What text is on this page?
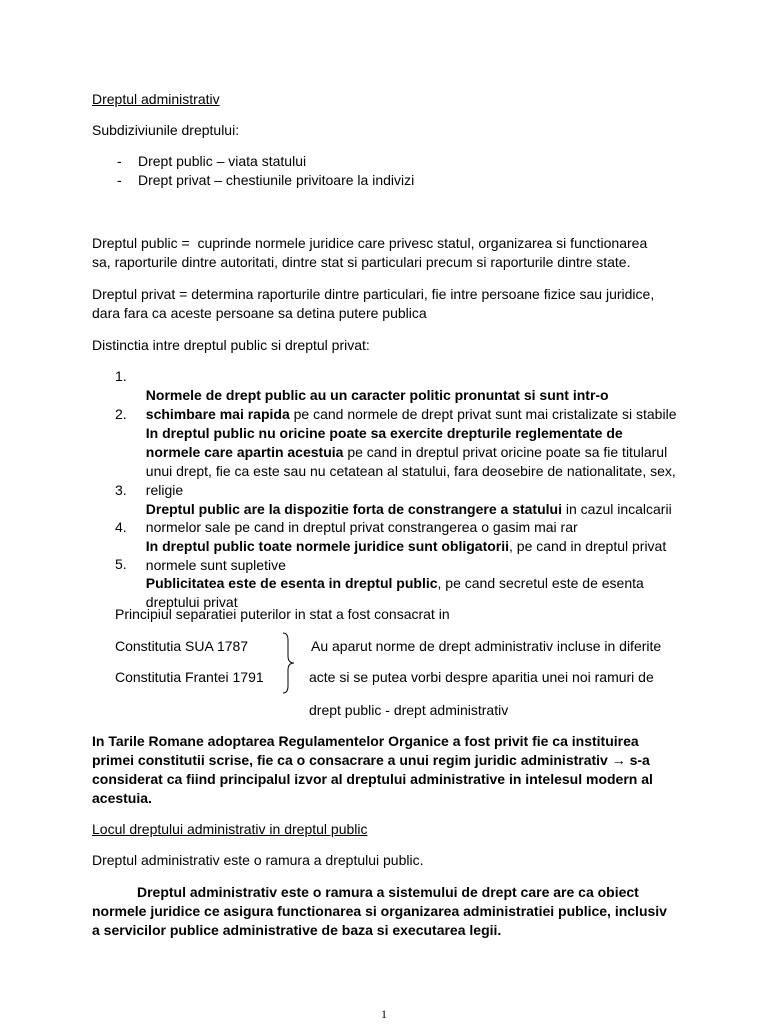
Dreptul administrativ
Subdiziviunile dreptului:
- Drept public – viata statului
- Drept privat – chestiunile privitoare la indivizi
Dreptul public =  cuprinde normele juridice care privesc statul, organizarea si functionarea
sa, raporturile dintre autoritati, dintre stat si particulari precum si raporturile dintre state.
Dreptul privat = determina raporturile dintre particulari, fie intre persoane fizice sau juridice,
dara fara ca aceste persoane sa detina putere publica
Distinctia intre dreptul public si dreptul privat:
1.

Normele de drept public au un caracter politic pronuntat si sunt intr-o

schimbare mai rapida pe cand normele de drept privat sunt mai cristalizate si stabile

2.

In dreptul public nu oricine poate sa exercite drepturile reglementate de

normele care apartin acestuia pe cand in dreptul privat oricine poate sa fie titularul

unui drept, fie ca este sau nu cetatean al statului, fara deosebire de nationalitate, sex,

religie

3.

Dreptul public are la dispozitie forta de constrangere a statului in cazul incalcarii

normelor sale pe cand in dreptul privat constrangerea o gasim mai rar

4.

In dreptul public toate normele juridice sunt obligatorii, pe cand in dreptul privat

normele sunt supletive

5.

Publicitatea este de esenta in dreptul public, pe cand secretul este de esenta

dreptului privat

Principiul separatiei puterilor in stat a fost consacrat in
Constitutia SUA 1787
Constitutia Frantei 1791
Au aparut norme de drept administrativ incluse in diferite
acte si se putea vorbi despre aparitia unei noi ramuri de
drept public - drept administrativ
In Tarile Romane adoptarea Regulamentelor Organice a fost privit fie ca instituirea
primei constitutii scrise, fie ca o consacrare a unui regim juridic administrativ → s-a
considerat ca fiind principalul izvor al dreptului administrative in intelesul modern al
acestuia.
Locul dreptului administrativ in dreptul public
Dreptul administrativ este o ramura a dreptului public.
Dreptul administrativ este o ramura a sistemului de drept care are ca obiect
normele juridice ce asigura functionarea si organizarea administratiei publice, inclusiv
a servicilor publice administrative de baza si executarea legii.
1
